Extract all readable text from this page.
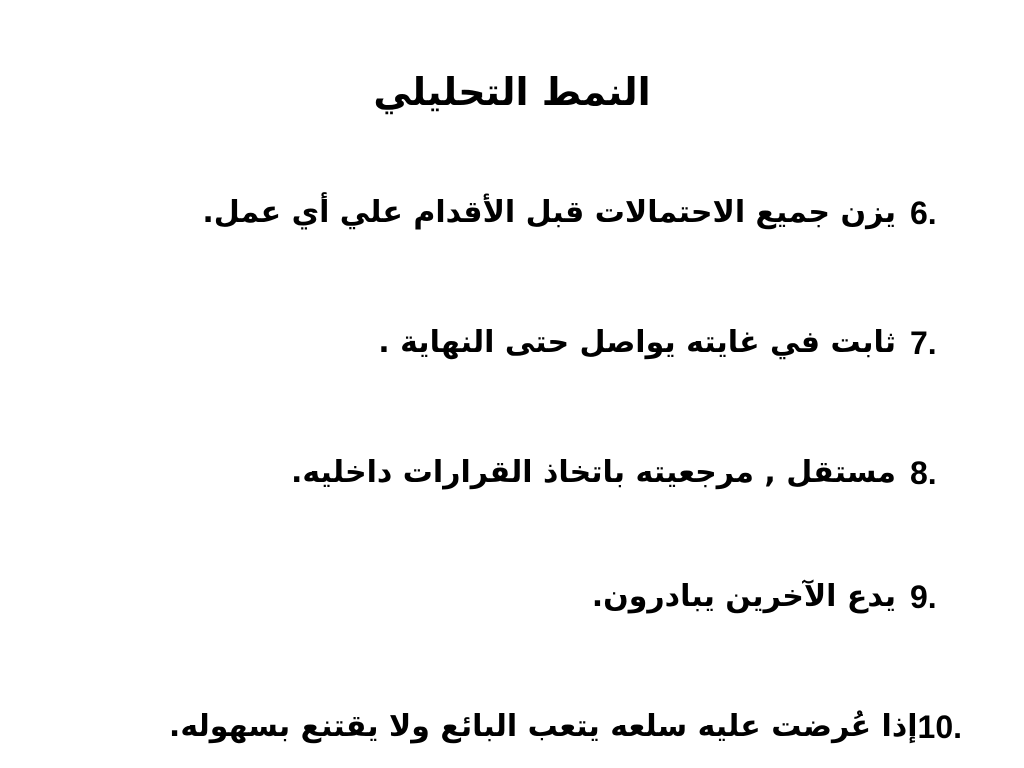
النمط التحليلي
6.
يزن جميع الاحتمالات قبل الأقدام علي أي عمل.
7.
ثابت في غايته يواصل حتى النهاية .
8.
مستقل , مرجعيته باتخاذ القرارات داخليه.
9.
يدع الآخرين يبادرون.
10.
إذا عُرضت عليه سلعه يتعب البائع ولا يقتنع بسهوله.
